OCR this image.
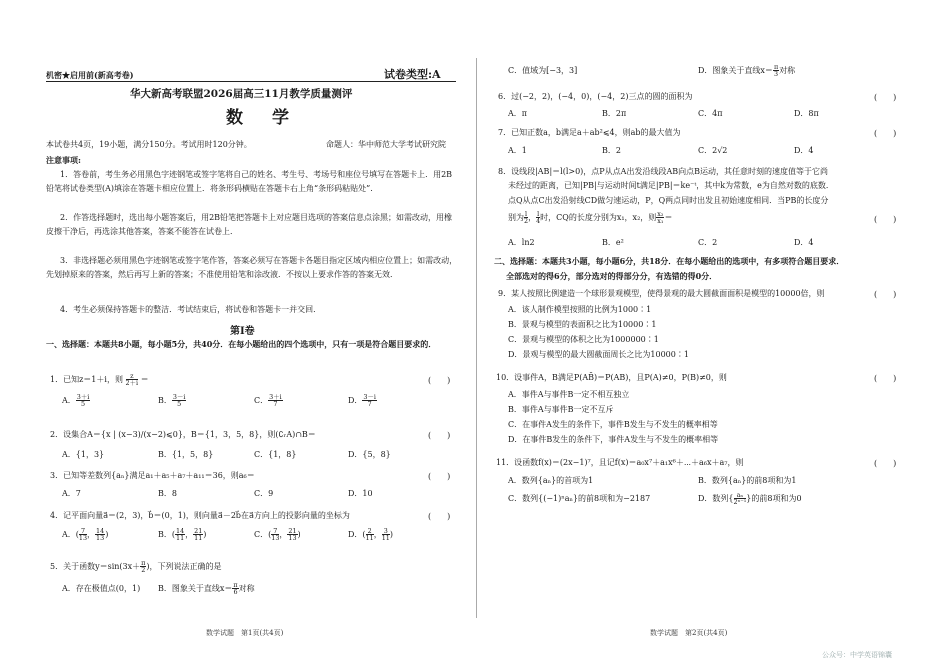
机密★启用前(新高考卷)	试卷类型:A
华大新高考联盟2026届高三11月教学质量测评
数　学
本试卷共4页，19小题，满分150分。考试用时120分钟。	命题人：华中师范大学考试研究院
注意事项:
1．答卷前，考生务必用黑色字迹钢笔或签字笔将自己的姓名、考生号、考场号和座位号填写在答题卡上．用2B铅笔将试卷类型(A)填涂在答题卡相应位置上．将条形码横贴在答题卡右上角“条形码粘贴处”.
2．作答选择题时，选出每小题答案后，用2B铅笔把答题卡上对应题目选项的答案信息点涂黑；如需改动，用橡皮擦干净后，再选涂其他答案，答案不能答在试卷上．
3．非选择题必须用黑色字迹钢笔或签字笔作答，答案必须写在答题卡各题目指定区域内相应位置上；如需改动，先划掉原来的答案，然后再写上新的答案；不准使用铅笔和涂改液．不按以上要求作答的答案无效．
4．考生必须保持答题卡的整洁．考试结束后，将试卷和答题卡一并交回．
第Ⅰ卷
一、选择题：本题共8小题，每小题5分，共40分．在每小题给出的四个选项中，只有一项是符合题目要求的．
1．已知z＝1＋i，则 $\frac{z}{2+i}$ ＝	(　　)
A． $\frac{3+i}{5}$	B． $\frac{3-i}{5}$	C． $\frac{3+i}{7}$	D． $\frac{3-i}{7}$
2．设集合A＝{x | (x−3)/(x−2)⩽0}，B＝{1，3，5，8}，则(∁ᵣA)∩B＝	(　　)
A．{1，3}	B．{1，5，8}	C．{1，8}	D．{5，8}
3．已知等差数列{aₙ}满足a₁＋a₅＋a₇＋a₁₁＝36，则a₆＝	(　　)
A．7	B．8	C．9	D．10
4．记平面向量a⃗＝(2，3)，b⃗＝(0，1)，则向量a⃗－2b⃗在a⃗方向上的投影向量的坐标为	(　　)
A．( $\frac{7}{13}$ ， $\frac{14}{13}$ )	B．( $\frac{14}{11}$ ， $\frac{21}{11}$ )	C．( $\frac{7}{13}$ ， $\frac{21}{13}$ )	D．( $\frac{2}{11}$ ， $\frac{3}{11}$ )
5．关于函数$y=\sin(3x+ \frac{\pi}{2}$ )，下列说法正确的是
A．存在极值点(0，1) B．图象关于直线$x= \frac{\pi}{6}$ 对称
数学试题　第1页(共4页)
C．值域为[−3，3]	D．图象关于直线$x= \frac{\pi}{3}$ 对称
6．过(−2，2)，(−4，0)，(−4，2)三点的圆的面积为	(　　)
A．π	B．2π	C．4π	D．8π
7．已知正数a，b满足a＋ab²⩽4，则ab的最大值为	(　　)
A．1	B．2	C．2√2	D．4
8．设线段|AB|＝l(l>0)，点P从点A出发沿线段AB向点B运动，其任意时刻的速度值等于它尚
未经过的距离，已知|PB|与运动时间t满足|PB|＝ke⁻ᵗ，其中k为常数，e为自然对数的底数．
点Q从点C出发沿射线CD做匀速运动，P，Q两点同时出发且初始速度相同．当PB的长度分
别为 $\frac{l}{2}$ ， $\frac{l}{4}$ 时，CQ的长度分别为x₁，x₂，则 $\frac{\text{x₂}}{\text{x₁}}$ ＝	(　　)
A．ln2	B．e²	C．2	D．4
二、选择题：本题共3小题，每小题6分，共18分．在每小题给出的选项中，有多项符合题目要求．
全部选对的得6分，部分选对的得部分分，有选错的得0分．
9．某人按照比例建造一个球形景观模型，使得景观的最大圆截面面积是模型的10000倍，则	(　　)
A．该人制作模型按照的比例为1000∶1
B．景观与模型的表面积之比为10000∶1
C．景观与模型的体积之比为1000000∶1
D．景观与模型的最大圆截面周长之比为10000∶1
10．设事件A，B满足P(AB̄)＝P(AB)，且P(A)≠0，P(B)≠0，则	(　　)
A．事件A与事件B一定不相互独立
B．事件A与事件B一定不互斥
C．在事件A发生的条件下，事件B发生与不发生的概率相等
D．在事件B发生的条件下，事件A发生与不发生的概率相等
11．设函数f(x)＝(2x−1)⁷，且记f(x)＝a₀x⁷＋a₁x⁶＋⋯＋a₆x＋a₇，则	(　　)
A．数列{aₙ}的首项为1	B．数列{aₙ}的前8项和为1
C．数列{(−1)ⁿaₙ}的前8项和为−2187	D．数列{ $\frac{\text{aₙ}}{\text{2ⁿ⁻¹}}$ }的前8项和为0
数学试题　第2页(共4页)
公众号：中学英语锦囊
